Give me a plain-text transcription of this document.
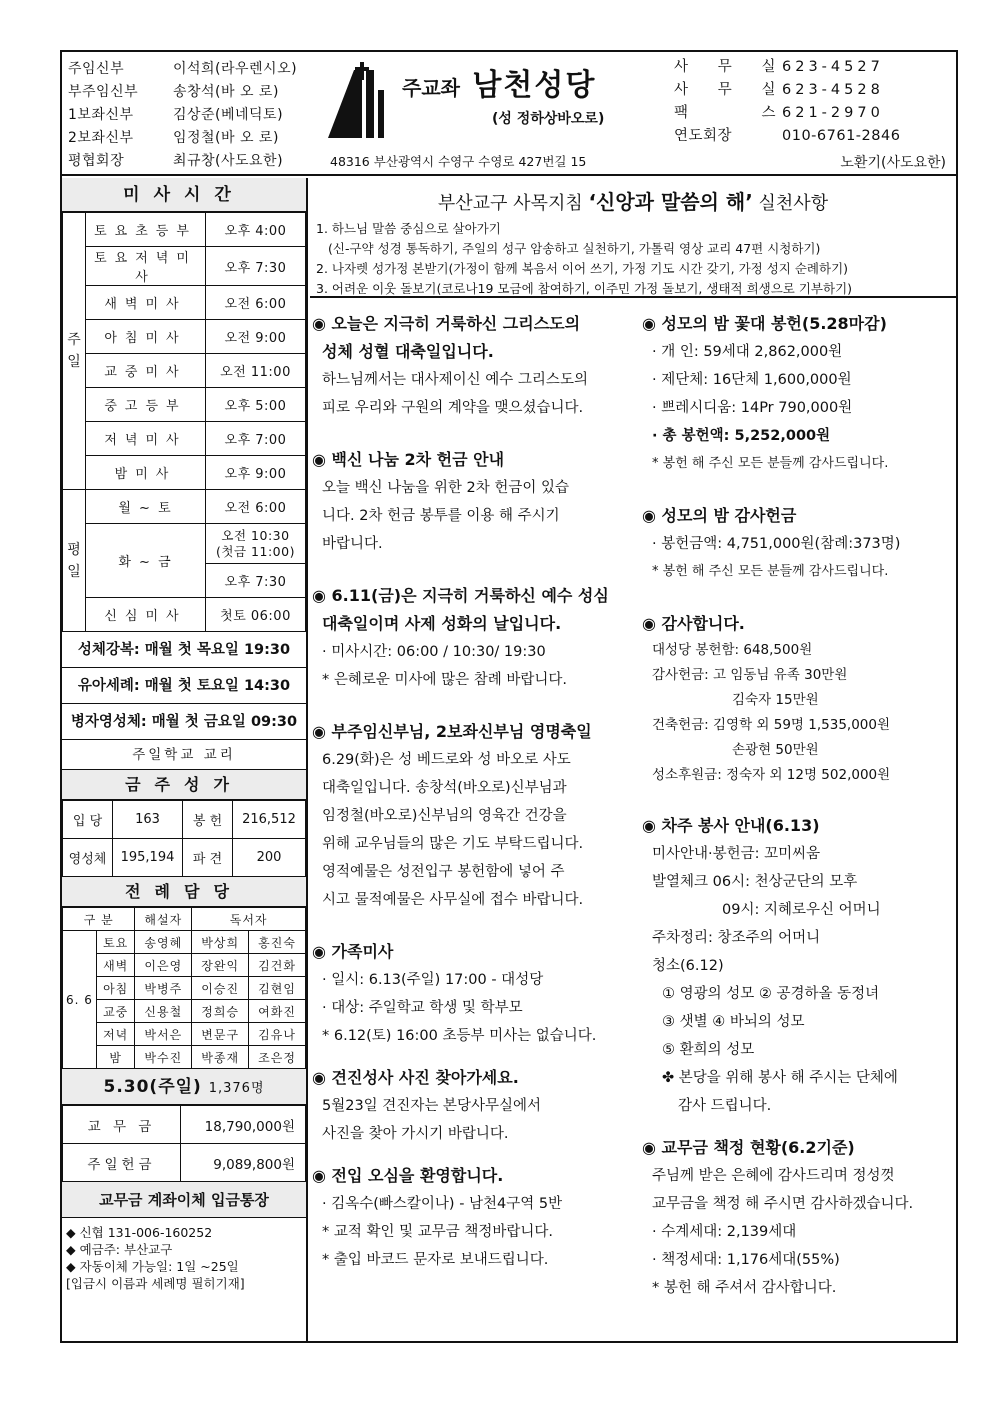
주임신부	이석희(라우렌시오)
부주임신부 송창석(바 오 로)
1보좌신부	김상준(베네딕토)
2보좌신부	임정철(바 오 로)
평협회장	최규창(사도요한)
주교좌 남천성당
(성 정하상바오로)
48316 부산광역시 수영구 수영로 427번길 15
사 무 실 623-4527
사 무 실 623-4528
팩 스 621-2970
연도회장	010-6761-2846
노환기(사도요한)
미사시간
주일	토요초등부	오후 4:00
	토요저녁미사	오후 7:30
	새벽미사	오전 6:00
	아침미사	오전 9:00
	교중미사	오전 11:00
	중고등부	오후 5:00
	저녁미사	오후 7:00
	밤미사	오후 9:00
평일	월 ~ 토	오전 6:00
	화 ~ 금	오전 10:30
(첫금 11:00)

		오후 7:30
	신심미사	첫토 06:00
성체강복: 매월 첫 목요일 19:30
유아세례: 매월 첫 토요일 14:30
병자영성체: 매월 첫 금요일 09:30
주일학교 교리
금주성가
입 당	163	봉 헌	216,512
영성체	195,194	파 견	200
전례담당
구 분		해설자	독서자	
6. 6	토요	송영혜	박상희	홍진숙
	새벽	이은영	장완익	김건화
	아침	박병주	이승진	김현임
	교중	신용철	정희승	여화진
	저녁	박서은	변문구	김유나
	밤	박수진	박종재	조은정
5.30(주일) 1,376명
교 무 금	18,790,000원
주일헌금	9,089,800원
교무금 계좌이체 입금통장
◆ 신협 131-006-160252
◆ 예금주: 부산교구
◆ 자동이체 가능일: 1일 ~25일
[입금시 이름과 세례명 필히기재]
부산교구 사목지침 ‘신앙과 말씀의 해’ 실천사항
1. 하느님 말씀 중심으로 살아가기
(신-구약 성경 통독하기, 주일의 성구 암송하고 실천하기, 가톨릭 영상 교리 47편 시청하기)
2. 나자렛 성가정 본받기(가정이 함께 복음서 이어 쓰기, 가정 기도 시간 갖기, 가정 성지 순례하기)
3. 어려운 이웃 돌보기(코로나19 모금에 참여하기, 이주민 가정 돌보기, 생태적 희생으로 기부하기)
◉ 오늘은 지극히 거룩하신 그리스도의
성체 성혈 대축일입니다.
하느님께서는 대사제이신 예수 그리스도의
피로 우리와 구원의 계약을 맺으셨습니다.
◉ 백신 나눔 2차 헌금 안내
오늘 백신 나눔을 위한 2차 헌금이 있습
니다. 2차 헌금 봉투를 이용 해 주시기
바랍니다.
◉ 6.11(금)은 지극히 거룩하신 예수 성심
대축일이며 사제 성화의 날입니다.
· 미사시간: 06:00 / 10:30/ 19:30
* 은혜로운 미사에 많은 참례 바랍니다.
◉ 부주임신부님, 2보좌신부님 영명축일
6.29(화)은 성 베드로와 성 바오로 사도
대축일입니다. 송창석(바오로)신부님과
임정철(바오로)신부님의 영육간 건강을
위해 교우님들의 많은 기도 부탁드립니다.
영적예물은 성전입구 봉헌함에 넣어 주
시고 물적예물은 사무실에 접수 바랍니다.
◉ 가족미사
· 일시: 6.13(주일) 17:00 - 대성당
· 대상: 주일학교 학생 및 학부모
* 6.12(토) 16:00 초등부 미사는 없습니다.
◉ 견진성사 사진 찾아가세요.
5월23일 견진자는 본당사무실에서
사진을 찾아 가시기 바랍니다.
◉ 전입 오심을 환영합니다.
· 김옥수(빠스칼이나) - 남천4구역 5반
* 교적 확인 및 교무금 책정바랍니다.
* 출입 바코드 문자로 보내드립니다.
◉ 성모의 밤 꽃대 봉헌(5.28마감)
· 개 인: 59세대 2,862,000원
· 제단체: 16단체 1,600,000원
· 쁘레시디움: 14Pr 790,000원
· 총 봉헌액: 5,252,000원
* 봉헌 해 주신 모든 분들께 감사드립니다.
◉ 성모의 밤 감사헌금
· 봉헌금액: 4,751,000원(참례:373명)
* 봉헌 해 주신 모든 분들께 감사드립니다.
◉ 감사합니다.
대성당 봉헌함: 648,500원
감사헌금: 고 임동님 유족 30만원
김숙자 15만원
건축헌금: 김영학 외 59명 1,535,000원
손광현 50만원
성소후원금: 정숙자 외 12명 502,000원
◉ 차주 봉사 안내(6.13)
미사안내·봉헌금: 꼬미씨움
발열체크 06시: 천상군단의 모후
09시: 지혜로우신 어머니
주차정리: 창조주의 어머니
청소(6.12)
① 영광의 성모 ② 공경하올 동정녀
③ 샛별 ④ 바뇌의 성모
⑤ 환희의 성모
✤ 본당을 위해 봉사 해 주시는 단체에
감사 드립니다.
◉ 교무금 책정 현황(6.2기준)
주님께 받은 은혜에 감사드리며 정성껏
교무금을 책정 해 주시면 감사하겠습니다.
· 수계세대: 2,139세대
· 책정세대: 1,176세대(55%)
* 봉헌 해 주셔서 감사합니다.
